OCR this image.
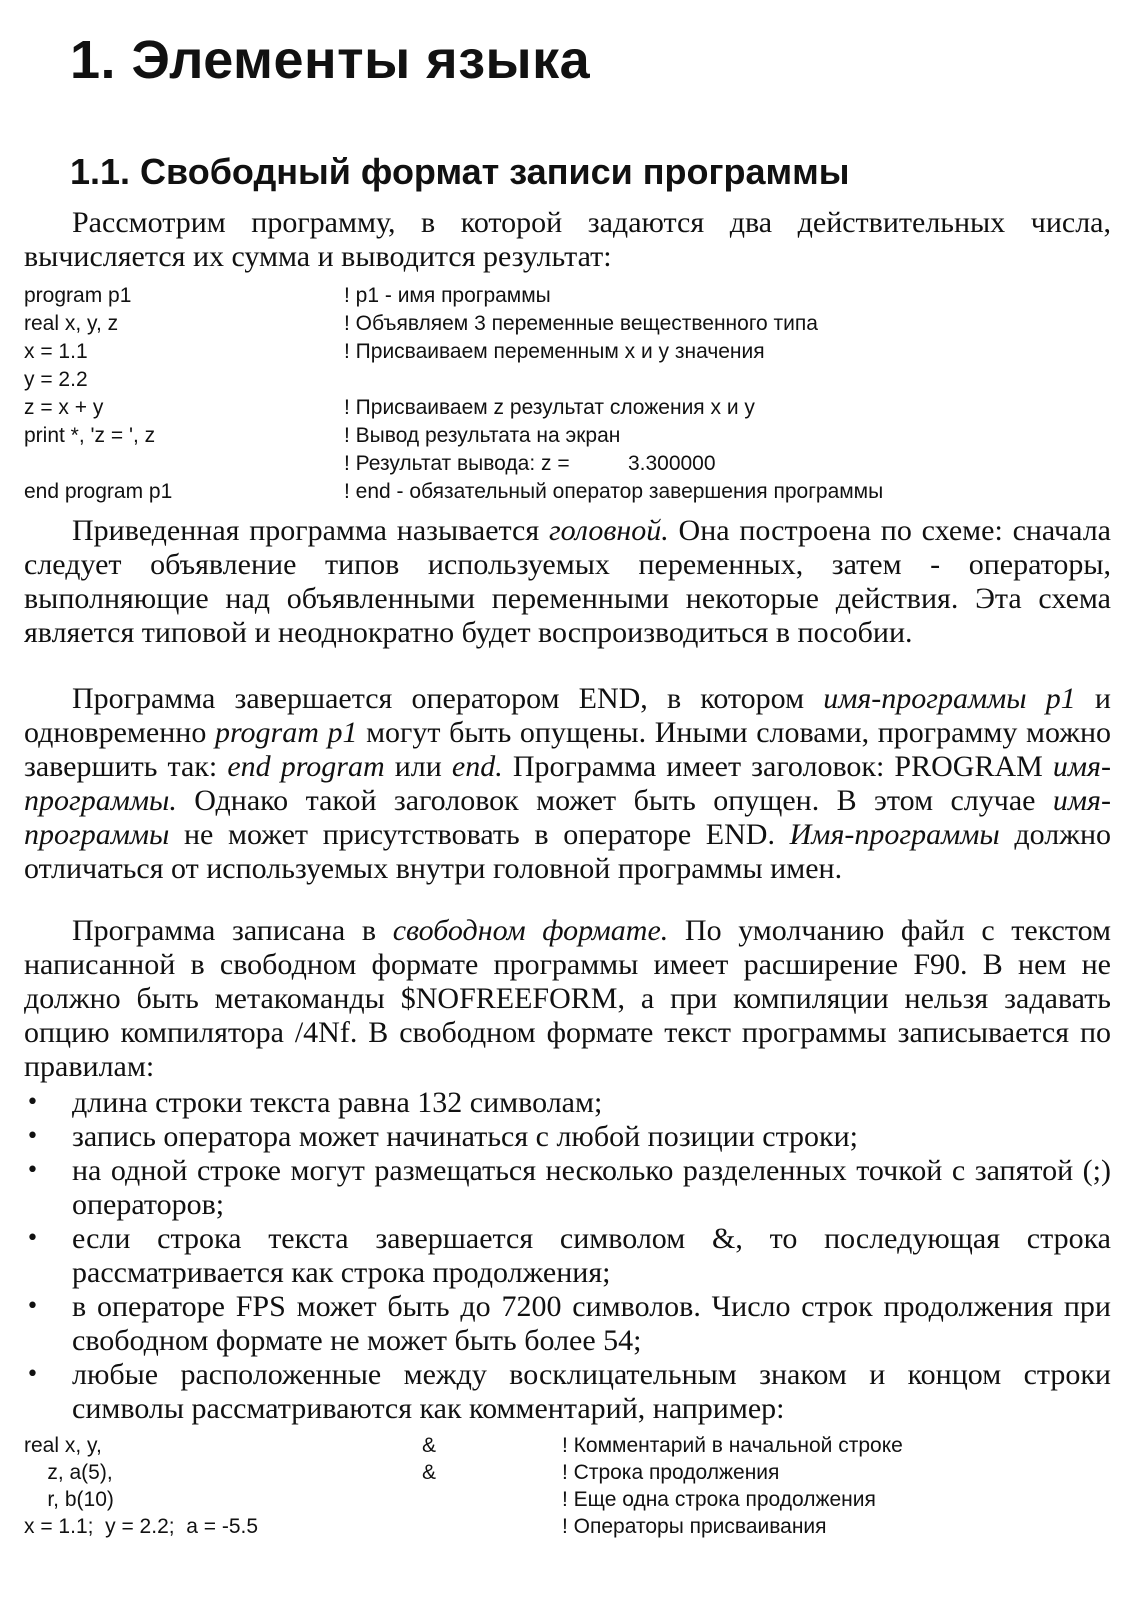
1. Элементы языка
1.1. Свободный формат записи программы

Рассмотрим программу, в которой задаются два действительных числа, вычисляется их сумма и выводится результат:

program p1	! p1 - имя программы
real x, y, z	! Объявляем 3 переменные вещественного типа
x = 1.1	! Присваиваем переменным x и y значения
y = 2.2
z = x + y	! Присваиваем z результат сложения x и y
print *, 'z = ', z	! Вывод результата на экран
! Результат вывода: z =          3.300000
end program p1	! end - обязательный оператор завершения программы

Приведенная программа называется головной. Она построена по схеме: сначала следует объявление типов используемых переменных, затем - операторы, выполняющие над объявленными переменными некоторые действия. Эта схема является типовой и неоднократно будет воспроизводиться в пособии.

Программа завершается оператором END, в котором имя-программы p1 и одновременно program p1 могут быть опущены. Иными словами, программу можно завершить так: end program или end. Программа имеет заголовок: PROGRAM имя-программы. Однако такой заголовок может быть опущен. В этом случае имя-программы не может присутствовать в операторе END. Имя-программы должно отличаться от используемых внутри головной программы имен.

Программа записана в свободном формате. По умолчанию файл с текстом написанной в свободном формате программы имеет расширение F90. В нем не должно быть метакоманды $NOFREEFORM, а при компиляции нельзя задавать опцию компилятора /4Nf. В свободном формате текст программы записывается по правилам:

• длина строки текста равна 132 символам;
• запись оператора может начинаться с любой позиции строки;
• на одной строке могут размещаться несколько разделенных точкой с запятой (;) операторов;
• если строка текста завершается символом &, то последующая строка рассматривается как строка продолжения;
• в операторе FPS может быть до 7200 символов. Число строк продолжения при свободном формате не может быть более 54;
• любые расположенные между восклицательным знаком и концом строки символы рассматриваются как комментарий, например:
real x, y,	&	! Комментарий в начальной строке
z, a(5),	&	! Строка продолжения
r, b(10)	! Еще одна строка продолжения
x = 1.1;  y = 2.2;  a = -5.5	! Операторы присваивания
